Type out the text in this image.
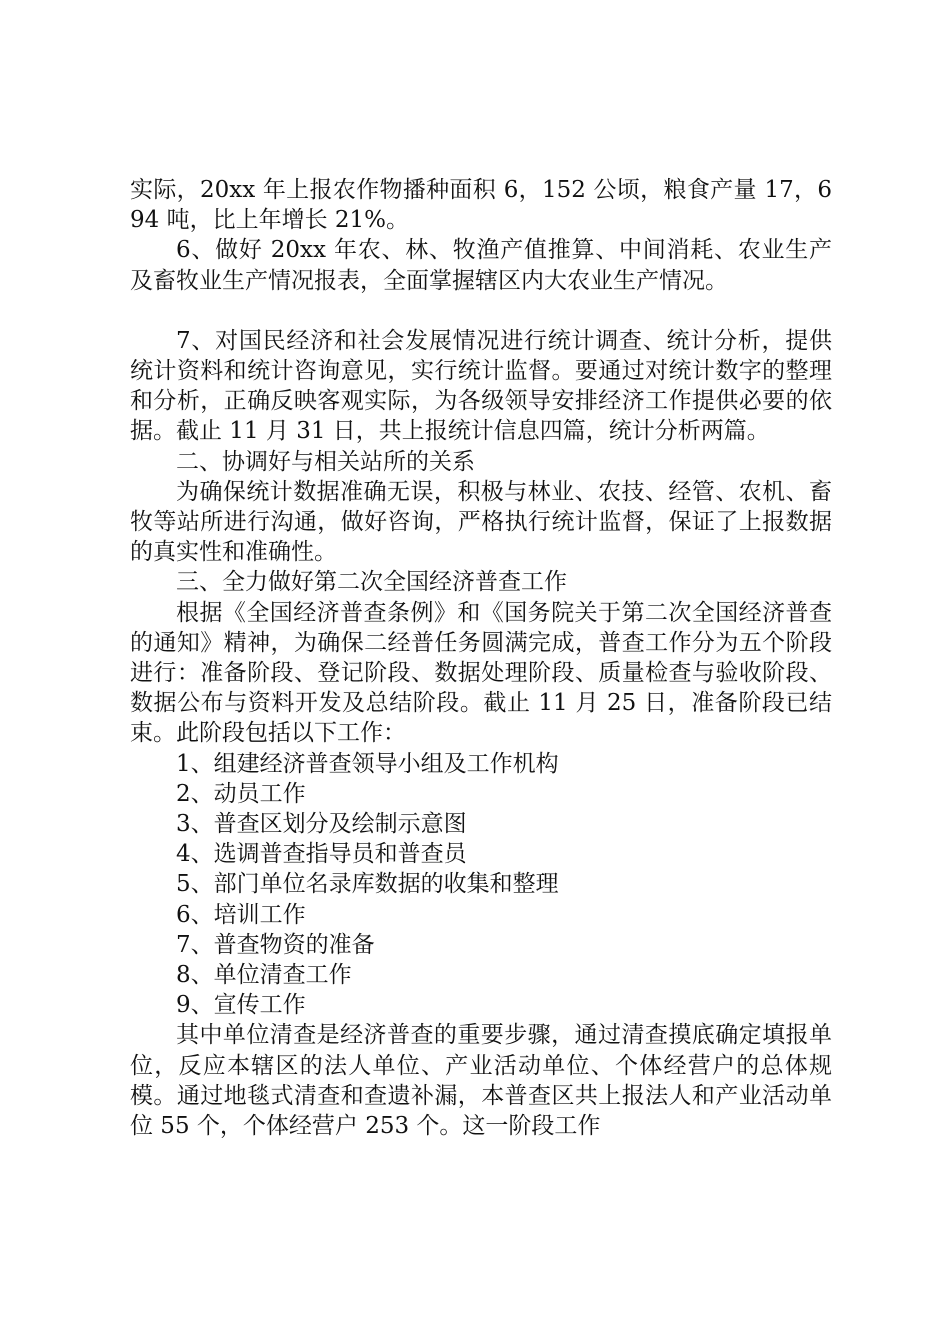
实际，20xx 年上报农作物播种面积 6，152 公顷，粮食产量 17，694 吨，比上年增长 21%。

6、做好 20xx 年农、林、牧渔产值推算、中间消耗、农业生产及畜牧业生产情况报表，全面掌握辖区内大农业生产情况。

7、对国民经济和社会发展情况进行统计调查、统计分析，提供统计资料和统计咨询意见，实行统计监督。要通过对统计数字的整理和分析，正确反映客观实际，为各级领导安排经济工作提供必要的依据。截止 11 月 31 日，共上报统计信息四篇，统计分析两篇。

二、协调好与相关站所的关系

为确保统计数据准确无误，积极与林业、农技、经管、农机、畜牧等站所进行沟通，做好咨询，严格执行统计监督，保证了上报数据的真实性和准确性。

三、全力做好第二次全国经济普查工作

根据《全国经济普查条例》和《国务院关于第二次全国经济普查的通知》精神，为确保二经普任务圆满完成，普查工作分为五个阶段进行：准备阶段、登记阶段、数据处理阶段、质量检查与验收阶段、数据公布与资料开发及总结阶段。截止 11 月 25 日，准备阶段已结束。此阶段包括以下工作：

1、组建经济普查领导小组及工作机构

2、动员工作

3、普查区划分及绘制示意图

4、选调普查指导员和普查员

5、部门单位名录库数据的收集和整理

6、培训工作

7、普查物资的准备

8、单位清查工作

9、宣传工作

其中单位清查是经济普查的重要步骤，通过清查摸底确定填报单位，反应本辖区的法人单位、产业活动单位、个体经营户的总体规模。通过地毯式清查和查遗补漏，本普查区共上报法人和产业活动单位 55 个，个体经营户 253 个。这一阶段工作
